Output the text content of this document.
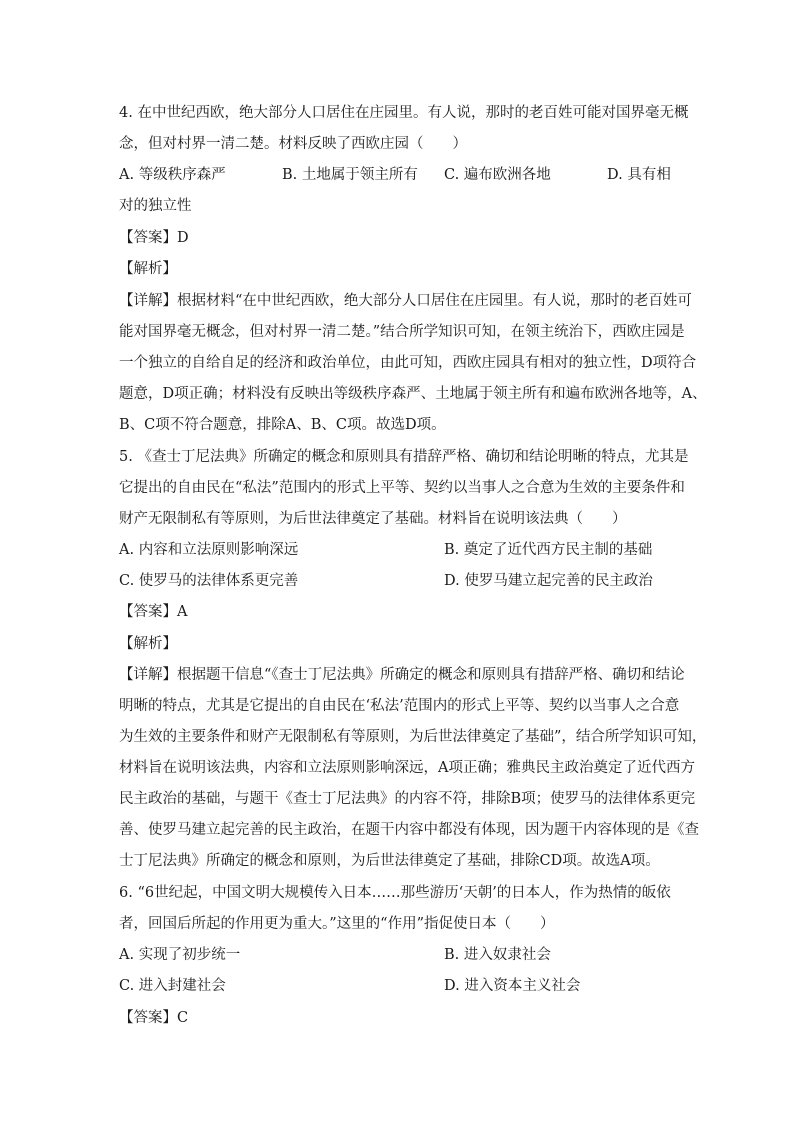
4. 在中世纪西欧，绝大部分人口居住在庄园里。有人说，那时的老百姓可能对国界毫无概
念，但对村界一清二楚。材料反映了西欧庄园（　　）
A. 等级秩序森严	B. 土地属于领主所有 C. 遍布欧洲各地	D. 具有相
对的独立性
【答案】D
【解析】
【详解】根据材料“在中世纪西欧，绝大部分人口居住在庄园里。有人说，那时的老百姓可
能对国界毫无概念，但对村界一清二楚。”结合所学知识可知，在领主统治下，西欧庄园是
一个独立的自给自足的经济和政治单位，由此可知，西欧庄园具有相对的独立性，D项符合
题意，D项正确；材料没有反映出等级秩序森严、土地属于领主所有和遍布欧洲各地等，A、
B、C项不符合题意，排除A、B、C项。故选D项。
5. 《查士丁尼法典》所确定的概念和原则具有措辞严格、确切和结论明晰的特点，尤其是
它提出的自由民在“私法”范围内的形式上平等、契约以当事人之合意为生效的主要条件和
财产无限制私有等原则，为后世法律奠定了基础。材料旨在说明该法典（　　）
A. 内容和立法原则影响深远	B. 奠定了近代西方民主制的基础
C. 使罗马的法律体系更完善	D. 使罗马建立起完善的民主政治
【答案】A
【解析】
【详解】根据题干信息“《查士丁尼法典》所确定的概念和原则具有措辞严格、确切和结论
明晰的特点，尤其是它提出的自由民在‘私法’范围内的形式上平等、契约以当事人之合意
为生效的主要条件和财产无限制私有等原则，为后世法律奠定了基础”，结合所学知识可知，
材料旨在说明该法典，内容和立法原则影响深远，A项正确；雅典民主政治奠定了近代西方
民主政治的基础，与题干《查士丁尼法典》的内容不符，排除B项；使罗马的法律体系更完
善、使罗马建立起完善的民主政治，在题干内容中都没有体现，因为题干内容体现的是《查
士丁尼法典》所确定的概念和原则，为后世法律奠定了基础，排除CD项。故选A项。
6. “6世纪起，中国文明大规模传入日本……那些游历‘天朝’的日本人，作为热情的皈依
者，回国后所起的作用更为重大。”这里的“作用”指促使日本（　　）
A. 实现了初步统一	B. 进入奴隶社会
C. 进入封建社会	D. 进入资本主义社会
【答案】C
